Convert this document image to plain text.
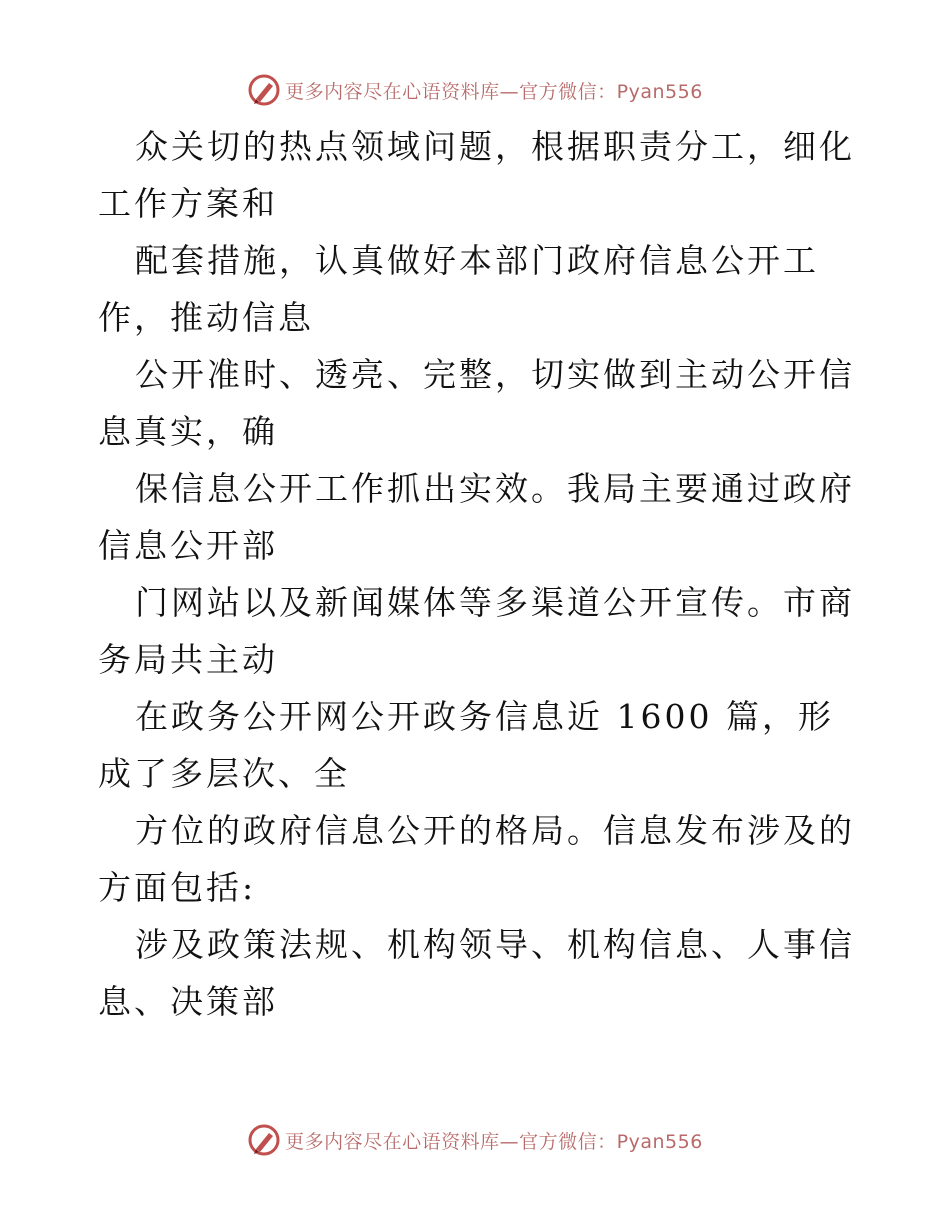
更多内容尽在心语资料库—官方微信：Pyan556

众关切的热点领域问题，根据职责分工，细化工作方案和

配套措施，认真做好本部门政府信息公开工作，推动信息

公开准时、透亮、完整，切实做到主动公开信息真实，确

保信息公开工作抓出实效。我局主要通过政府信息公开部

门网站以及新闻媒体等多渠道公开宣传。市商务局共主动

在政务公开网公开政务信息近 1600 篇，形成了多层次、全

方位的政府信息公开的格局。信息发布涉及的方面包括:

涉及政策法规、机构领导、机构信息、人事信息、决策部

更多内容尽在心语资料库—官方微信：Pyan556
